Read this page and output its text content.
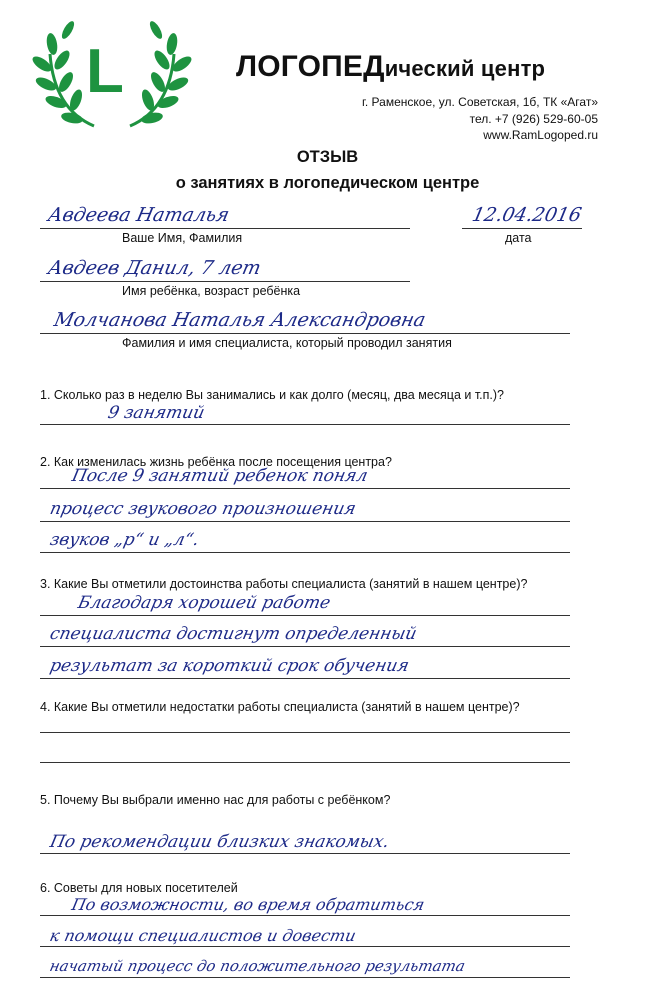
L	ЛОГОПЕДический центр
г. Раменское, ул. Советская, 1б, ТК «Агат»
тел. +7 (926) 529-60-05
www.RamLogoped.ru
ОТЗЫВ
о занятиях в логопедическом центре
Авдеева Наталья
Ваше Имя, Фамилия
12.04.2016
дата
Авдеев Данил, 7 лет
Имя ребёнка, возраст ребёнка
Молчанова Наталья Александровна
Фамилия и имя специалиста, который проводил занятия
1. Сколько раз в неделю Вы занимались и как долго (месяц, два месяца и т.п.)?
9 занятий
2. Как изменилась жизнь ребёнка после посещения центра?
После 9 занятий ребенок понял
процесс звукового произношения
звуков „р“ и „л“.
3. Какие Вы отметили достоинства работы специалиста (занятий в нашем центре)?
Благодаря хорошей работе
специалиста достигнут определенный
результат за короткий срок обучения
4. Какие Вы отметили недостатки работы специалиста (занятий в нашем центре)?
5. Почему Вы выбрали именно нас для работы с ребёнком?
По рекомендации близких знакомых.
6. Советы для новых посетителей
По возможности, во время обратиться
к помощи специалистов и довести
начатый процесс до положительного результата
